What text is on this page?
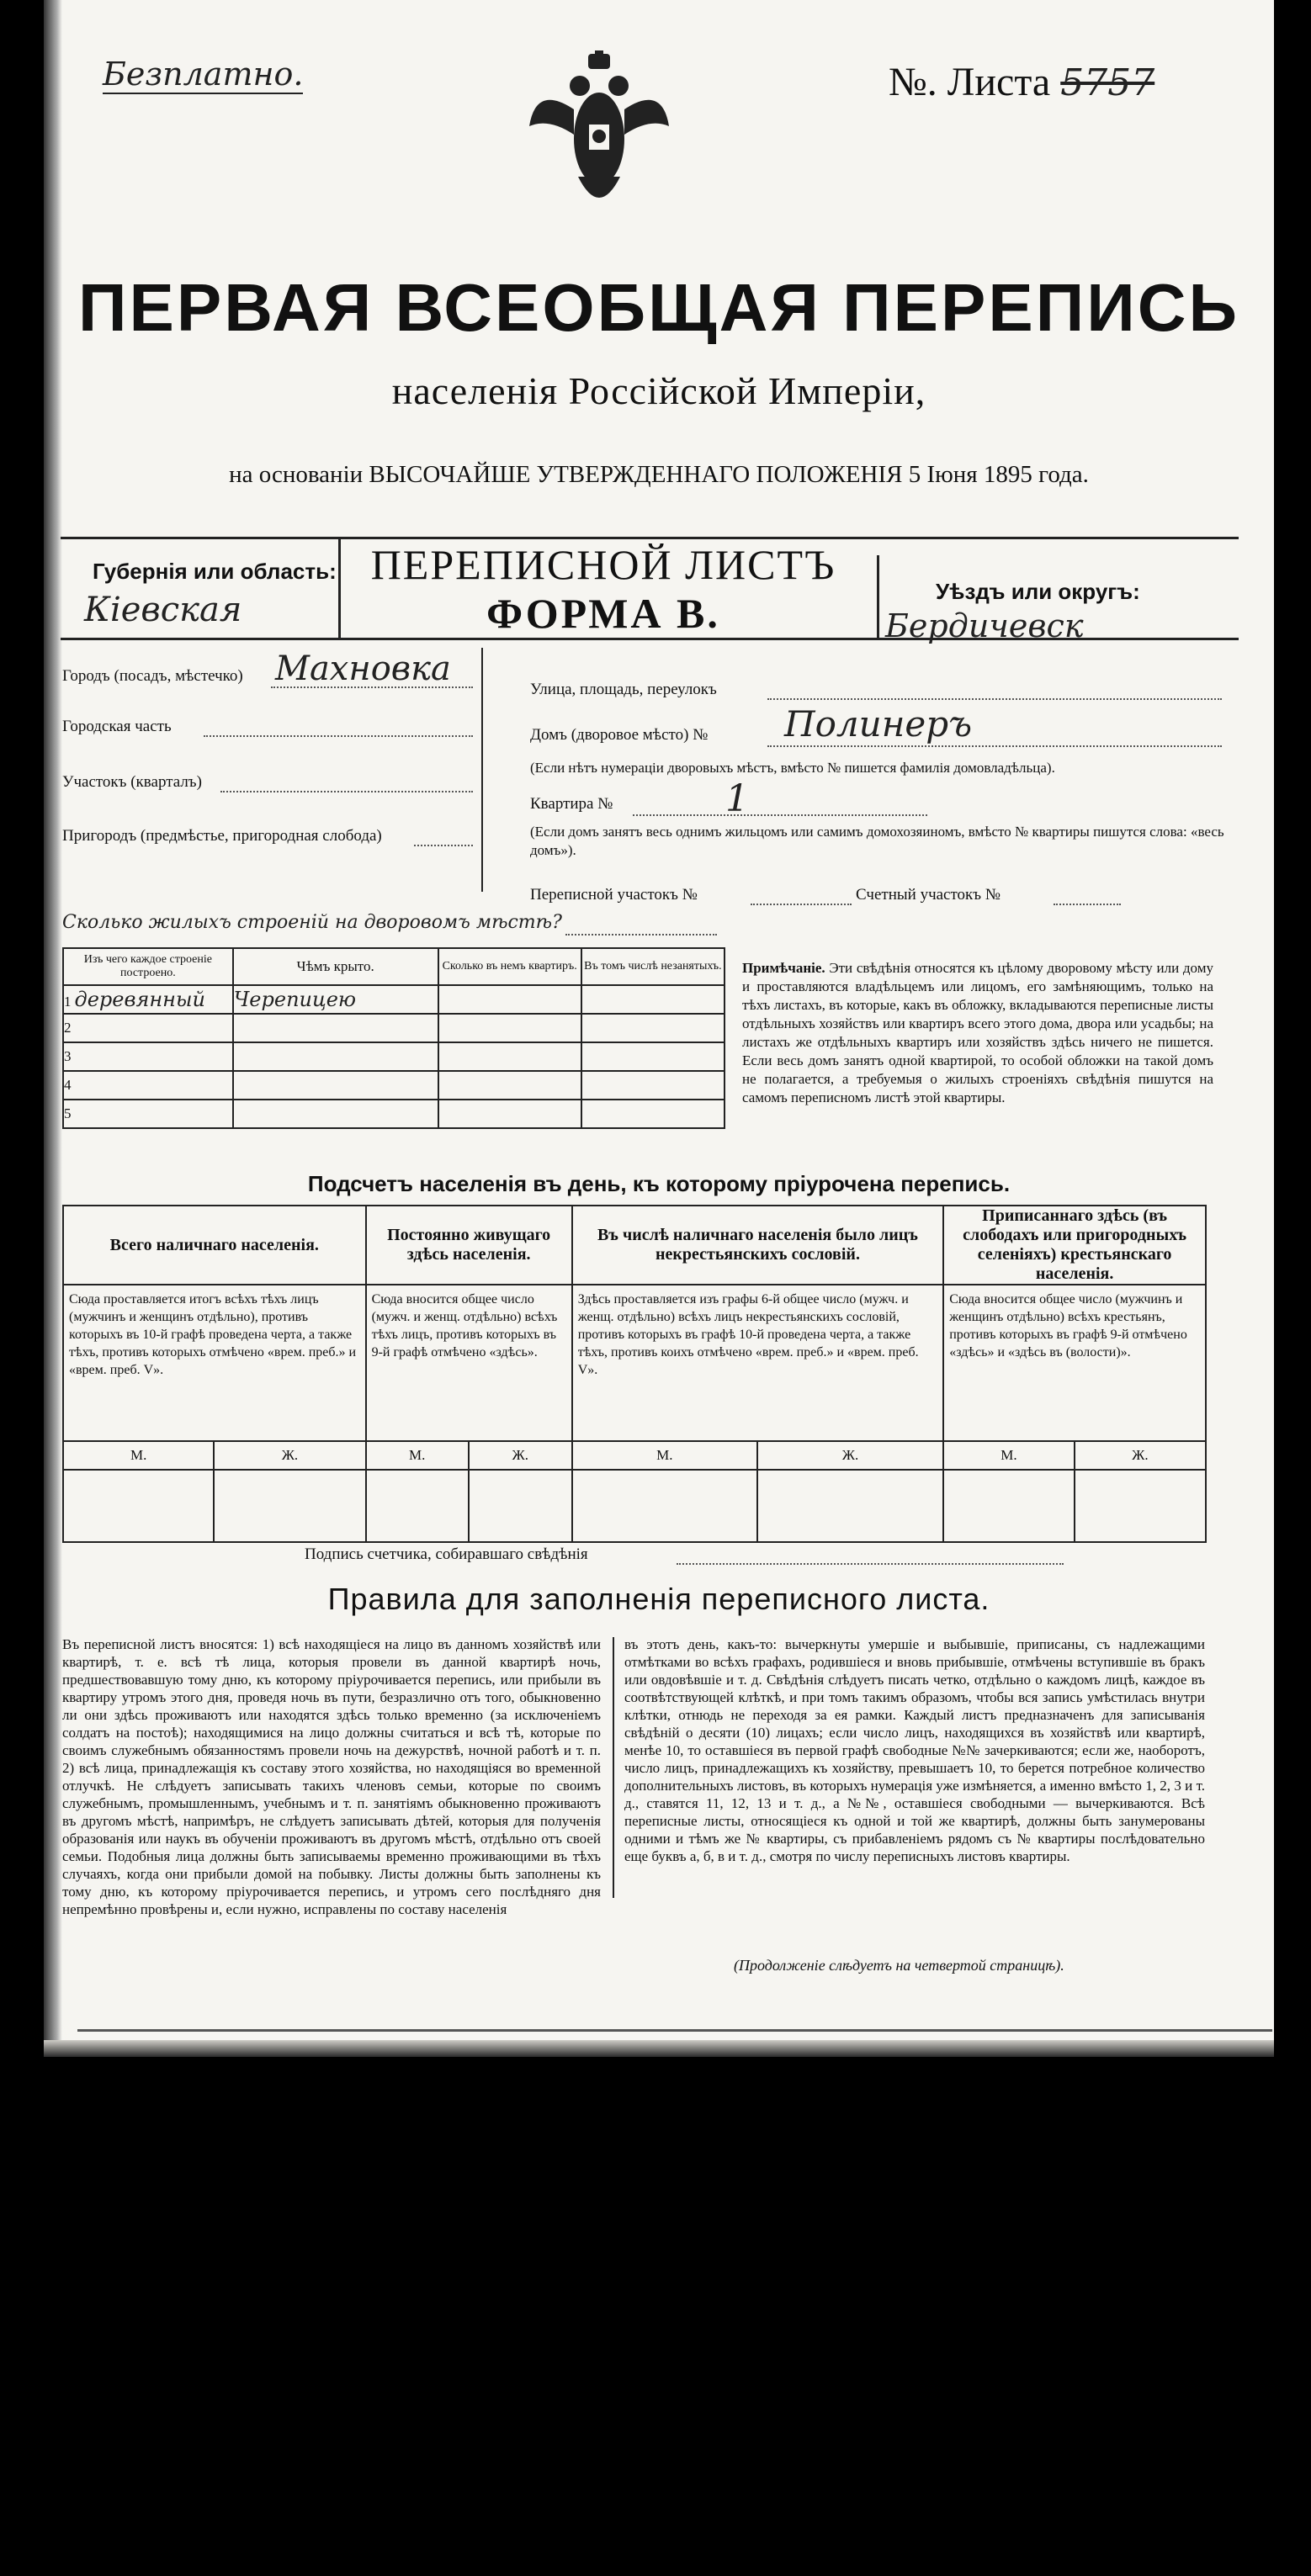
Безплатно.	№. Листа 5757
ПЕРВАЯ ВСЕОБЩАЯ ПЕРЕПИСЬ
населенія Россійской Имперіи,
на основаніи ВЫСОЧАЙШЕ УТВЕРЖДЕННАГО ПОЛОЖЕНІЯ 5 Іюня 1895 года.
Губернія или область:
Кіевская
ПЕРЕПИСНОЙ ЛИСТЪ
ФОРМА В.	Уѣздъ или округъ:
Бердичевск
Городъ (посадъ, мѣстечко) Махновка
Городская часть
Участокъ (кварталъ)
Пригородъ (предмѣстье, пригородная слобода)
Улица, площадь, переулокъ
Домъ (дворовое мѣсто) № Полинеръ
(Если нѣтъ нумераціи дворовыхъ мѣстъ, вмѣсто № пишется фамилія домовладѣльца).
Квартира №	1
(Если домъ занятъ весь однимъ жильцомъ или самимъ домохозяиномъ, вмѣсто № квартиры пишутся слова: «весь домъ»).
Переписной участокъ №	Счетный участокъ №
Сколько жилыхъ строеній на дворовомъ мѣстѣ?
Изъ чего каждое строеніе построено.	Чѣмъ крыто.	Сколько въ немъ квартиръ.	Въ томъ числѣ незанятыхъ.
1 деревянный	Черепицею		
2			
3			
4			
5			
Примѣчаніе. Эти свѣдѣнія относятся къ цѣлому дворовому мѣсту или дому и проставляются владѣльцемъ или лицомъ, его замѣняющимъ, только на тѣхъ листахъ, въ которые, какъ въ обложку, вкладываются переписные листы отдѣльныхъ хозяйствъ или квартиръ всего этого дома, двора или усадьбы; на листахъ же отдѣльныхъ квартиръ или хозяйствъ здѣсь ничего не пишется. Если весь домъ занятъ одной квартирой, то особой обложки на такой домъ не полагается, а требуемыя о жилыхъ строеніяхъ свѣдѣнія пишутся на самомъ переписномъ листѣ этой квартиры.
Подсчетъ населенія въ день, къ которому пріурочена перепись.
Всего наличнаго населенія.		Постоянно живущаго здѣсь населенія.		Въ числѣ наличнаго населенія было лицъ некрестьянскихъ сословій.		Приписаннаго здѣсь (въ слободахъ или пригородныхъ селеніяхъ) крестьянскаго населенія.	
Сюда проставляется итогъ всѣхъ тѣхъ лицъ (мужчинъ и женщинъ отдѣльно), противъ которыхъ въ 10-й графѣ проведена черта, а также тѣхъ, противъ которыхъ отмѣчено «врем. преб.» и «врем. преб. V».		Сюда вносится общее число (мужч. и женщ. отдѣльно) всѣхъ тѣхъ лицъ, противъ которыхъ въ 9-й графѣ отмѣчено «здѣсь».		Здѣсь проставляется изъ графы 6-й общее число (мужч. и женщ. отдѣльно) всѣхъ лицъ некрестьянскихъ сословій, противъ которыхъ въ графѣ 10-й проведена черта, а также тѣхъ, противъ коихъ отмѣчено «врем. преб.» и «врем. преб. V».		Сюда вносится общее число (мужчинъ и женщинъ отдѣльно) всѣхъ крестьянъ, противъ которыхъ въ графѣ 9-й отмѣчено «здѣсь» и «здѣсь въ (волости)».	
М.	Ж.	М.	Ж.	М.	Ж.	М.	Ж.

Подпись счетчика, собиравшаго свѣдѣнія
Правила для заполненія переписного листа.
Въ переписной листъ вносятся: 1) всѣ находящіеся на лицо въ данномъ хозяйствѣ или квартирѣ, т. е. всѣ тѣ лица, которыя провели въ данной квартирѣ ночь, предшествовавшую тому дню, къ которому пріурочивается перепись, или прибыли въ квартиру утромъ этого дня, проведя ночь въ пути, безразлично отъ того, обыкновенно ли они здѣсь проживаютъ или находятся здѣсь только временно (за исключеніемъ солдатъ на постоѣ); находящимися на лицо должны считаться и всѣ тѣ, которые по своимъ служебнымъ обязанностямъ провели ночь на дежурствѣ, ночной работѣ и т. п. 2) всѣ лица, принадлежащія къ составу этого хозяйства, но находящіяся во временной отлучкѣ. Не слѣдуетъ записывать такихъ членовъ семьи, которые по своимъ служебнымъ, промышленнымъ, учебнымъ и т. п. занятіямъ обыкновенно проживаютъ въ другомъ мѣстѣ, напримѣръ, не слѣдуетъ записывать дѣтей, которыя для полученія образованія или наукъ въ обученіи проживаютъ въ другомъ мѣстѣ, отдѣльно отъ своей семьи. Подобныя лица должны быть записываемы временно проживающими въ тѣхъ случаяхъ, когда они прибыли домой на побывку. Листы должны быть заполнены къ тому дню, къ которому пріурочивается перепись, и утромъ сего послѣдняго дня непремѣнно провѣрены и, если нужно, исправлены по составу населенія
въ этотъ день, какъ-то: вычеркнуты умершіе и выбывшіе, приписаны, съ надлежащими отмѣтками во всѣхъ графахъ, родившіеся и вновь прибывшіе, отмѣчены вступившіе въ бракъ или овдовѣвшіе и т. д. Свѣдѣнія слѣдуетъ писать четко, отдѣльно о каждомъ лицѣ, каждое въ соотвѣтствующей клѣткѣ, и при томъ такимъ образомъ, чтобы вся запись умѣстилась внутри клѣтки, отнюдь не переходя за ея рамки. Каждый листъ предназначенъ для записыванія свѣдѣній о десяти (10) лицахъ; если число лицъ, находящихся въ хозяйствѣ или квартирѣ, менѣе 10, то оставшіеся въ первой графѣ свободные №№ зачеркиваются; если же, наоборотъ, число лицъ, принадлежащихъ къ хозяйству, превышаетъ 10, то берется потребное количество дополнительныхъ листовъ, въ которыхъ нумерація уже измѣняется, а именно вмѣсто 1, 2, 3 и т. д., ставятся 11, 12, 13 и т. д., а №№, оставшіеся свободными — вычеркиваются. Всѣ переписные листы, относящіеся къ одной и той же квартирѣ, должны быть занумерованы одними и тѣмъ же № квартиры, съ прибавленіемъ рядомъ съ № квартиры послѣдовательно еще буквъ а, б, в и т. д., смотря по числу переписныхъ листовъ квартиры.
(Продолженіе слѣдуетъ на четвертой страницѣ).
